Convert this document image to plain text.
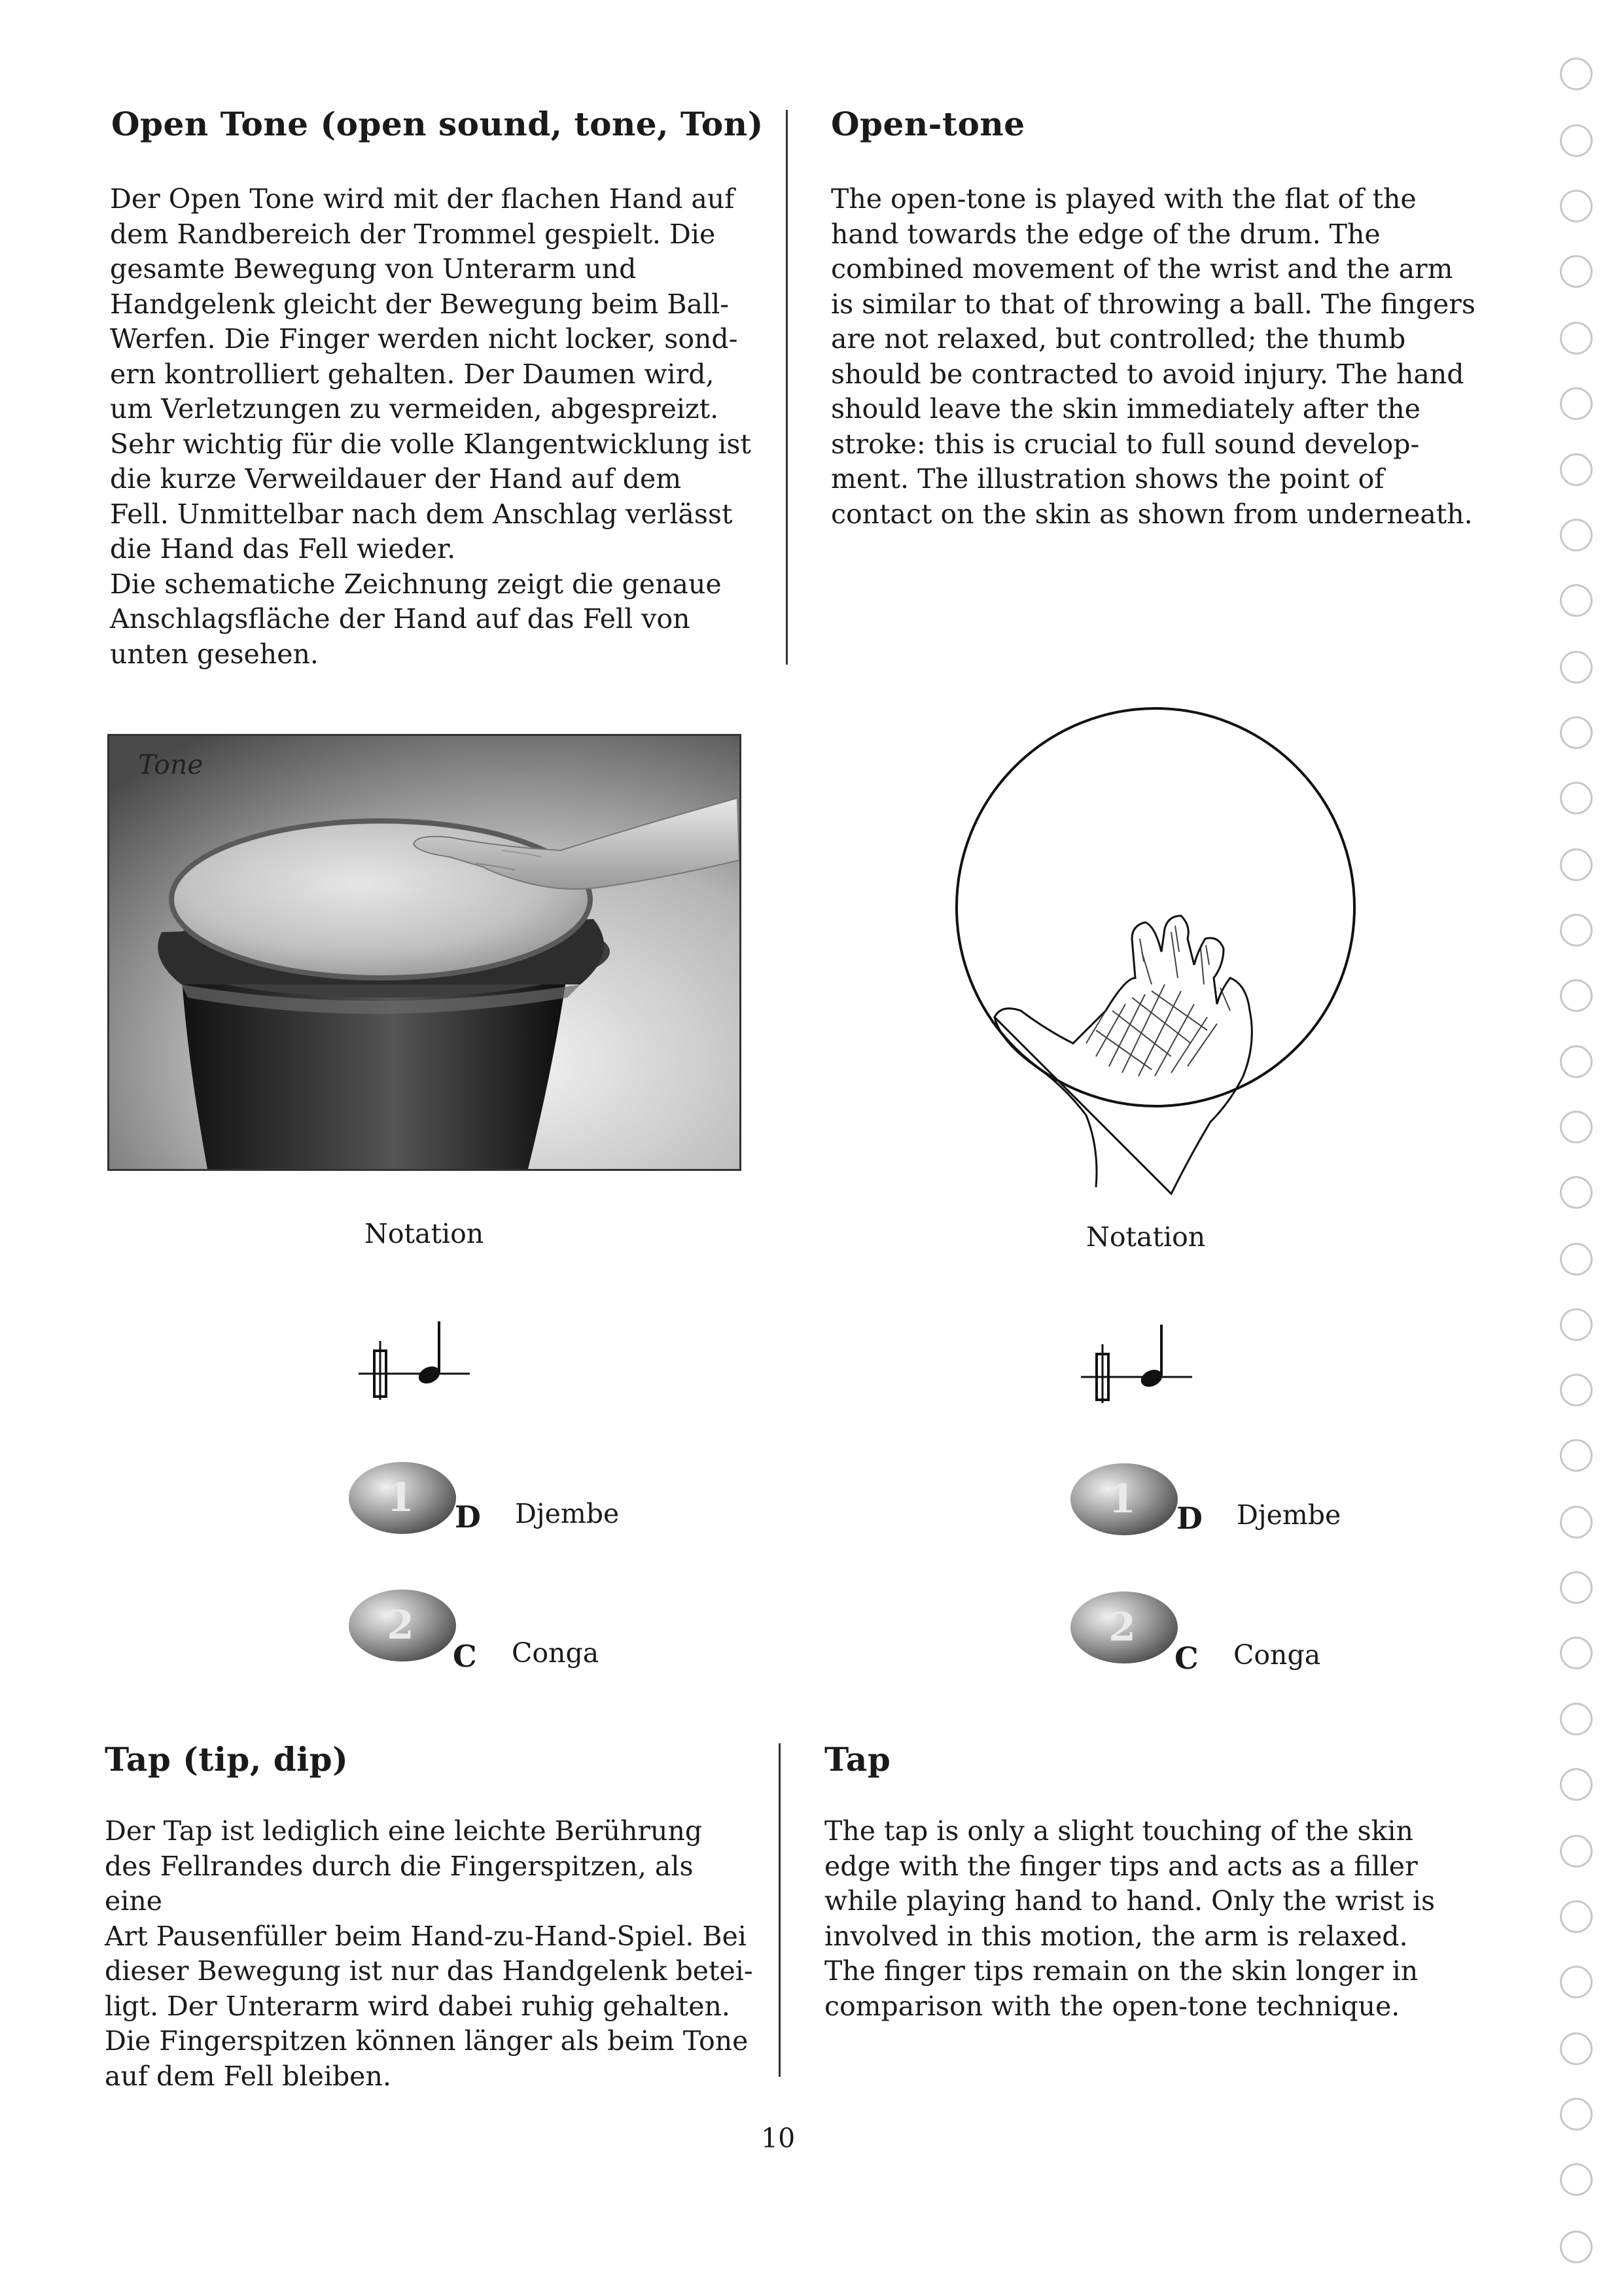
Open Tone (open sound, tone, Ton)
Der Open Tone wird mit der flachen Hand auf
dem Randbereich der Trommel gespielt. Die
gesamte Bewegung von Unterarm und
Handgelenk gleicht der Bewegung beim Ball-
Werfen. Die Finger werden nicht locker, sond-
ern kontrolliert gehalten. Der Daumen wird,
um Verletzungen zu vermeiden, abgespreizt.
Sehr wichtig für die volle Klangentwicklung ist
die kurze Verweildauer der Hand auf dem
Fell. Unmittelbar nach dem Anschlag verlässt
die Hand das Fell wieder.
Die schematiche Zeichnung zeigt die genaue
Anschlagsfläche der Hand auf das Fell von
unten gesehen.
Open-tone
The open-tone is played with the flat of the
hand towards the edge of the drum. The
combined movement of the wrist and the arm
is similar to that of throwing a ball. The fingers
are not relaxed, but controlled; the thumb
should be contracted to avoid injury. The hand
should leave the skin immediately after the
stroke: this is crucial to full sound develop-
ment. The illustration shows the point of
contact on the skin as shown from underneath.
Tone
Notation
1 D Djembe
2
C Conga
Notation
1 D Djembe
2
C Conga
Tap (tip, dip)
Der Tap ist lediglich eine leichte Berührung
des Fellrandes durch die Fingerspitzen, als eine
Art Pausenfüller beim Hand-zu-Hand-Spiel. Bei
dieser Bewegung ist nur das Handgelenk betei-
ligt. Der Unterarm wird dabei ruhig gehalten.
Die Fingerspitzen können länger als beim Tone
auf dem Fell bleiben.
Tap
The tap is only a slight touching of the skin
edge with the finger tips and acts as a filler
while playing hand to hand. Only the wrist is
involved in this motion, the arm is relaxed.
The finger tips remain on the skin longer in
comparison with the open-tone technique.
10
